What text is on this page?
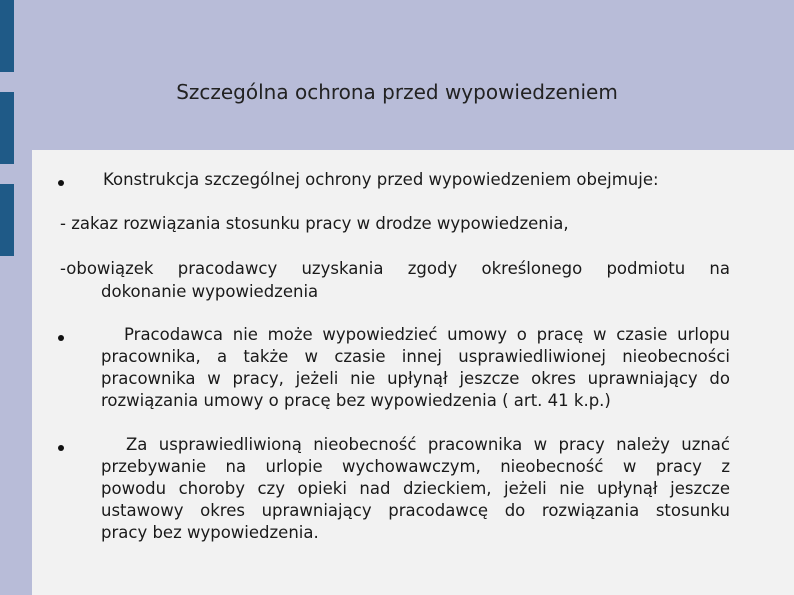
Szczególna ochrona przed wypowiedzeniem
Konstrukcja szczególnej ochrony przed wypowiedzeniem obejmuje:
- zakaz rozwiązania stosunku pracy w drodze wypowiedzenia,
-obowiązek pracodawcy uzyskania zgody określonego podmiotu na
dokonanie wypowiedzenia
Pracodawca nie może wypowiedzieć umowy o pracę w czasie urlopu
pracownika, a także w czasie innej usprawiedliwionej nieobecności
pracownika w pracy, jeżeli nie upłynął jeszcze okres uprawniający do
rozwiązania umowy o pracę bez wypowiedzenia ( art. 41 k.p.)
Za usprawiedliwioną nieobecność pracownika w pracy należy uznać
przebywanie na urlopie wychowawczym, nieobecność w pracy z
powodu choroby czy opieki nad dzieckiem, jeżeli nie upłynął jeszcze
ustawowy okres uprawniający pracodawcę do rozwiązania stosunku
pracy bez wypowiedzenia.
